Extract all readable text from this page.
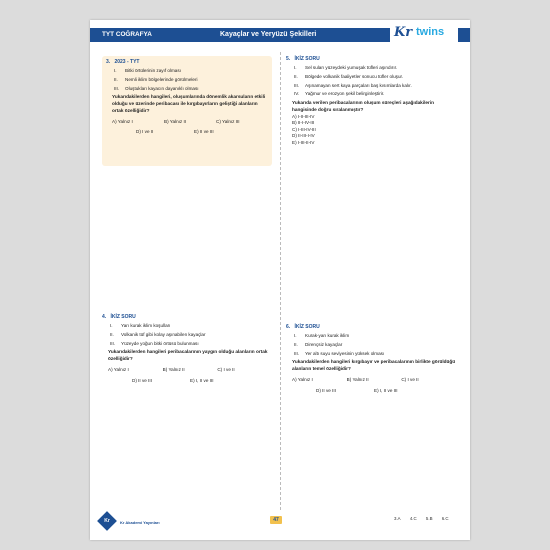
TYT COĞRAFYA	Kayaçlar ve Yeryüzü Şekilleri	Kr twins
3. 2023 - TYT
I. Bitki örtülerinin zayıf olması
II. Nemli iklim bölgelerinde görülmeleri
III. Oluştukları kayacın dayanıklı olması
Yukarıdakilerden hangileri, oluşumlarında dönemlik akarsuların etkili olduğu ve üzerinde peribacası ile kırgıbayırların geliştiği alanların ortak özelliğidir?
A) Yalnız I	B) Yalnız II	C) Yalnız III
D) I ve II	E) II ve III
5. İKİZ SORU
I. Sel suları yüzeydeki yumuşak tüfleri aşındırır.
II. Bölgede volkanik faaliyetler sonucu tüfler oluşur.
III. Aşınamayan sert kaya parçaları baş kısımlarda kalır.
IV. Yağmur ve erozyon şekil belirginleştirir.
Yukarıda verilen peribacalarının oluşum süreçleri aşağıdakilerin hangisinde doğru sıralanmıştır?
A) I-II-III-IV
B) II-I-IV-III
C) I-III-IV-III
D) II-III-I-IV
E) I-III-II-IV
4. İKİZ SORU
I. Yarı kurak iklim koşulları
II. Volkanik tüf gibi kolay aşınabilen kayaçlar
III. Yüzeyde yoğun bitki örtüsü bulunması
Yukarıdakilerden hangileri peribacalarının yaygın olduğu alanların ortak özelliğidir?
A) Yalnız I	B) Yalnız II	C) I ve II
D) II ve III	E) I, II ve III
6. İKİZ SORU
I. Kurak-yarı kurak iklim
II. Dirençsiz kayaçlar
III. Yer altı suyu seviyesinin yüksek olması
Yukarıdakilerden hangileri kırgıbayır ve peribacalarının birlikte görüldüğü alanların temel özelliğidir?
A) Yalnız I	B) Yalnız II	C) I ve II
D) II ve III	E) I, II ve III
Kr	Kr Akademi Yayınları	47	3.A 4.C 5.B 6.C
